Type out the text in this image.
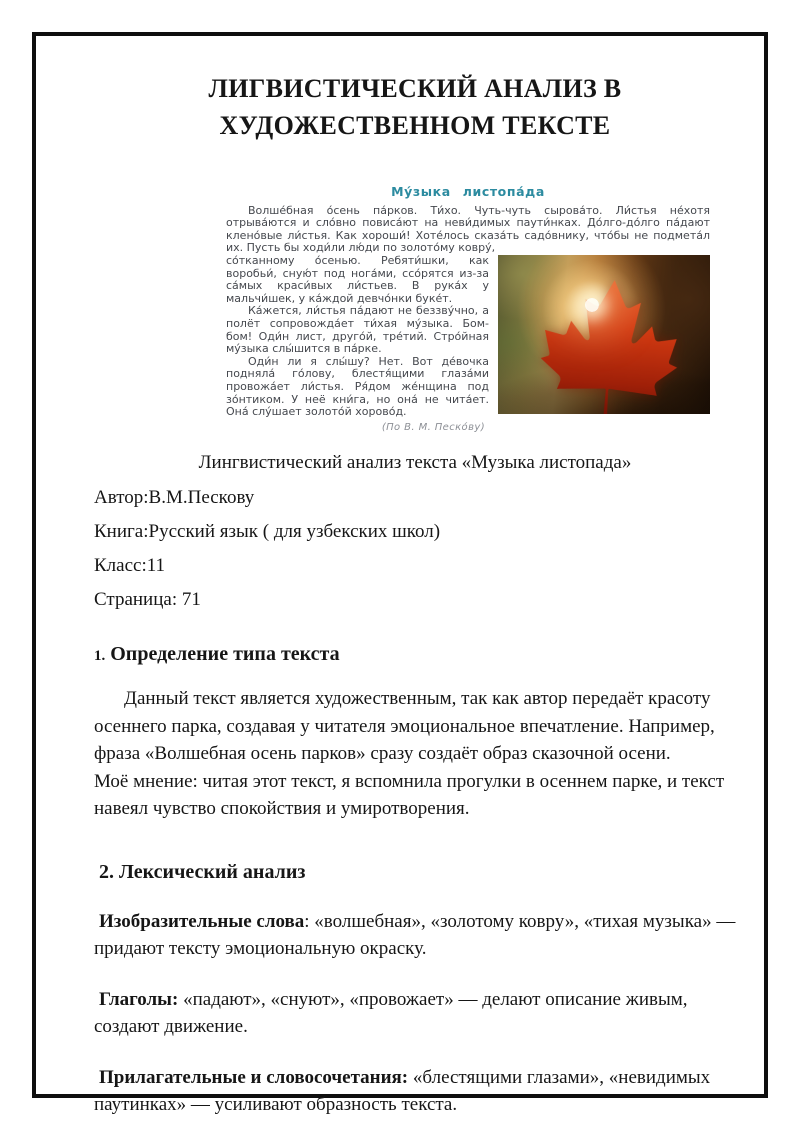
ЛИГВИСТИЧЕСКИЙ АНАЛИЗ В
ХУДОЖЕСТВЕННОМ ТЕКСТЕ
Му́зыка листопа́да

Волше́бная о́сень па́рков. Ти́хо. Чуть-чуть сырова́то. Ли́стья не́хотя отрыва́ются и сло́вно повиса́ют на неви́димых паути́нках. До́лго-до́лго па́дают клено́вые ли́стья. Как хороши́! Хоте́лось сказа́ть садо́внику, что́бы не подмета́л их. Пусть бы ходи́ли лю́ди по золото́му ковру́,

со́тканному о́сенью. Ребяти́шки, как воробьи́, сную́т под нога́ми, ссо́рятся из-за са́мых краси́вых ли́стьев. В рука́х у мальчи́шек, у ка́ждой девчо́нки буке́т.

Ка́жется, ли́стья па́дают не беззву́чно, а полёт сопровожда́ет ти́хая му́зыка. Бом-бом! Оди́н лист, друго́й, тре́тий. Стро́йная му́зыка слы́шится в па́рке.

Оди́н ли я слы́шу? Нет. Вот де́вочка подняла́ го́лову, блестя́щими глаза́ми провожа́ет ли́стья. Ря́дом же́нщина под зо́нтиком. У неё кни́га, но она́ не чита́ет. Она́ слу́шает золото́й хорово́д.

(По В. М. Песко́ву)

Лингвистический анализ текста «Музыка листопада»

Автор:В.М.Пескову

Книга:Русский язык ( для узбекских школ)

Класс:11

Страница: 71

1. Определение типа текста

Данный текст является художественным, так как автор передаёт красоту осеннего парка, создавая у читателя эмоциональное впечатление. Например, фраза «Волшебная осень парков» сразу создаёт образ сказочной осени.

Моё мнение: читая этот текст, я вспомнила прогулки в осеннем парке, и текст навеял чувство спокойствия и умиротворения.

2. Лексический анализ

Изобразительные слова: «волшебная», «золотому ковру», «тихая музыка» — придают тексту эмоциональную окраску.

Глаголы: «падают», «снуют», «провожает» — делают описание живым, создают движение.

Прилагательные и словосочетания: «блестящими глазами», «невидимых паутинках» — усиливают образность текста.
